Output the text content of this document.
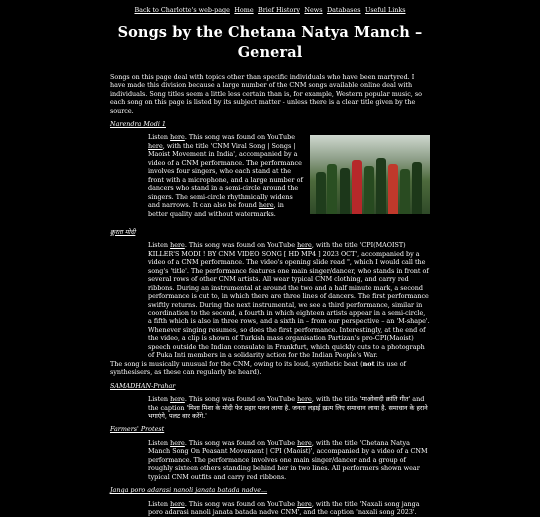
Back to Charlotte's web-page Home Brief History News Databases Useful Links
Songs by the Chetana Natya Manch – General

Songs on this page deal with topics other than specific individuals who have been martyred. I have made this division because a large number of the CNM songs available online deal with individuals. Song titles seem a little less certain than is, for example, Western popular music, so each song on this page is listed by its subject matter - unless there is a clear title given by the source.

Narendra Modi 1

Listen here. This song was found on YouTube here, with the title 'CNM Viral Song | Songs | Maoist Movement in India', accompanied by a video of a CNM performance. The performance involves four singers, who each stand at the front with a microphone, and a large number of dancers who stand in a semi-circle around the singers. The semi-circle rhythmically widens and narrows. It can also be found here, in better quality and without watermarks.

क्रूरता मोदी

Listen here. This song was found on YouTube here, with the title 'CPI(MAOIST) KILLER'S MODI ! BY CNM VIDEO SONG [ HD MP4 ] 2023 OCT', accompanied by a video of a CNM performance. The video's opening slide read ", which I would call the song's 'title'. The performance features one main singer/dancer, who stands in front of several rows of other CNM artists. All wear typical CNM clothing, and carry red ribbons. During an instrumental at around the two and a half minute mark, a second performance is cut to, in which there are three lines of dancers. The first performance swiftly returns. During the next instrumental, we see a third performance, similar in coordination to the second, a fourth in which eighteen artists appear in a semi-circle, a fifth which is also in three rows, and a sixth in – from our perspective – an 'M-shape'. Whenever singing resumes, so does the first performance. Interestingly, at the end of the video, a clip is shown of Turkish mass organisation Partizan's pro-CPI(Maoist) speech outside the Indian consulate in Frankfurt, which quickly cuts to a photograph of Puka Inti members in a solidarity action for the Indian People's War.

The song is musically unusual for the CNM, owing to its loud, synthetic beat (not its use of synthesisers, as these can regularly be heard).

SAMADHAN-Prahar

Listen here. This song was found on YouTube here, with the title 'माओवादी क्रांति गीत' and the caption 'मिशा मिशा के मोदी फेर प्रहार पलन लाया है. जनता लड़ाई ख़त्म लिए समाधान लाया है. समाधान के हराने भगाएंगे, पलट वार करेंगे.'

Farmers' Protest

Listen here. This song was found on YouTube here, with the title 'Chetana Natya Manch Song On Peasant Movement | CPI (Maoist)', accompanied by a video of a CNM performance. The performance involves one main singer/dancer and a group of roughly sixteen others standing behind her in two lines. All performers shown wear typical CNM outfits and carry red ribbons.

Janga poro adarasi nanoli janata batada nadve...

Listen here. This song was found on YouTube here, with the title 'Naxali song janga poro adarasi nanoli janata batada nadve CNM', and the caption 'naxali song 2023'.
